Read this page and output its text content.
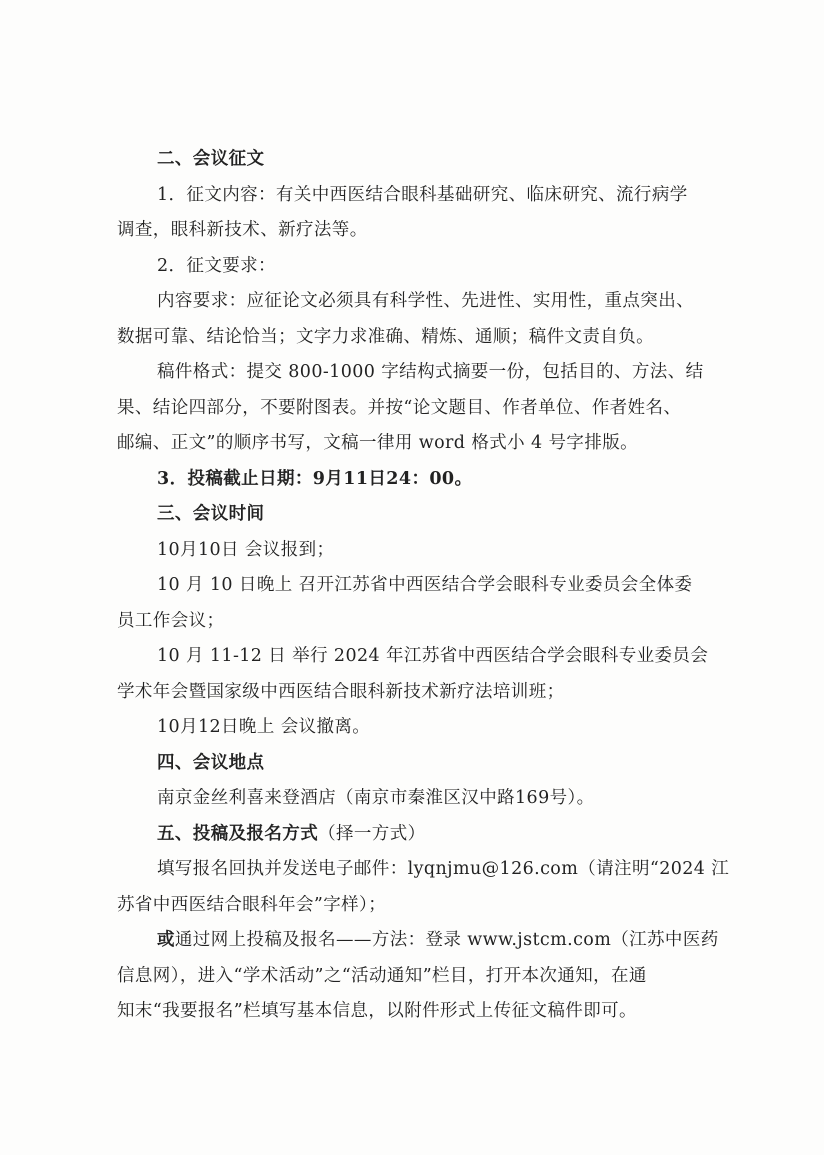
二、会议征文
1．征文内容：有关中西医结合眼科基础研究、临床研究、流行病学
调查，眼科新技术、新疗法等。
2．征文要求：
内容要求：应征论文必须具有科学性、先进性、实用性，重点突出、
数据可靠、结论恰当；文字力求准确、精炼、通顺；稿件文责自负。
稿件格式：提交 800-1000 字结构式摘要一份，包括目的、方法、结
果、结论四部分，不要附图表。并按“论文题目、作者单位、作者姓名、
邮编、正文”的顺序书写，文稿一律用 word 格式小 4 号字排版。
3．投稿截止日期：9月11日24：00。
三、会议时间
10月10日 会议报到；
10 月 10 日晚上 召开江苏省中西医结合学会眼科专业委员会全体委
员工作会议；
10 月 11-12 日 举行 2024 年江苏省中西医结合学会眼科专业委员会
学术年会暨国家级中西医结合眼科新技术新疗法培训班；
10月12日晚上 会议撤离。
四、会议地点
南京金丝利喜来登酒店（南京市秦淮区汉中路169号）。
五、投稿及报名方式（择一方式）
填写报名回执并发送电子邮件：lyqnjmu@126.com（请注明“2024 江
苏省中西医结合眼科年会”字样）；
或通过网上投稿及报名——方法：登录 www.jstcm.com（江苏中医药
信息网），进入“学术活动”之“活动通知”栏目，打开本次通知，在通
知末“我要报名”栏填写基本信息，以附件形式上传征文稿件即可。
